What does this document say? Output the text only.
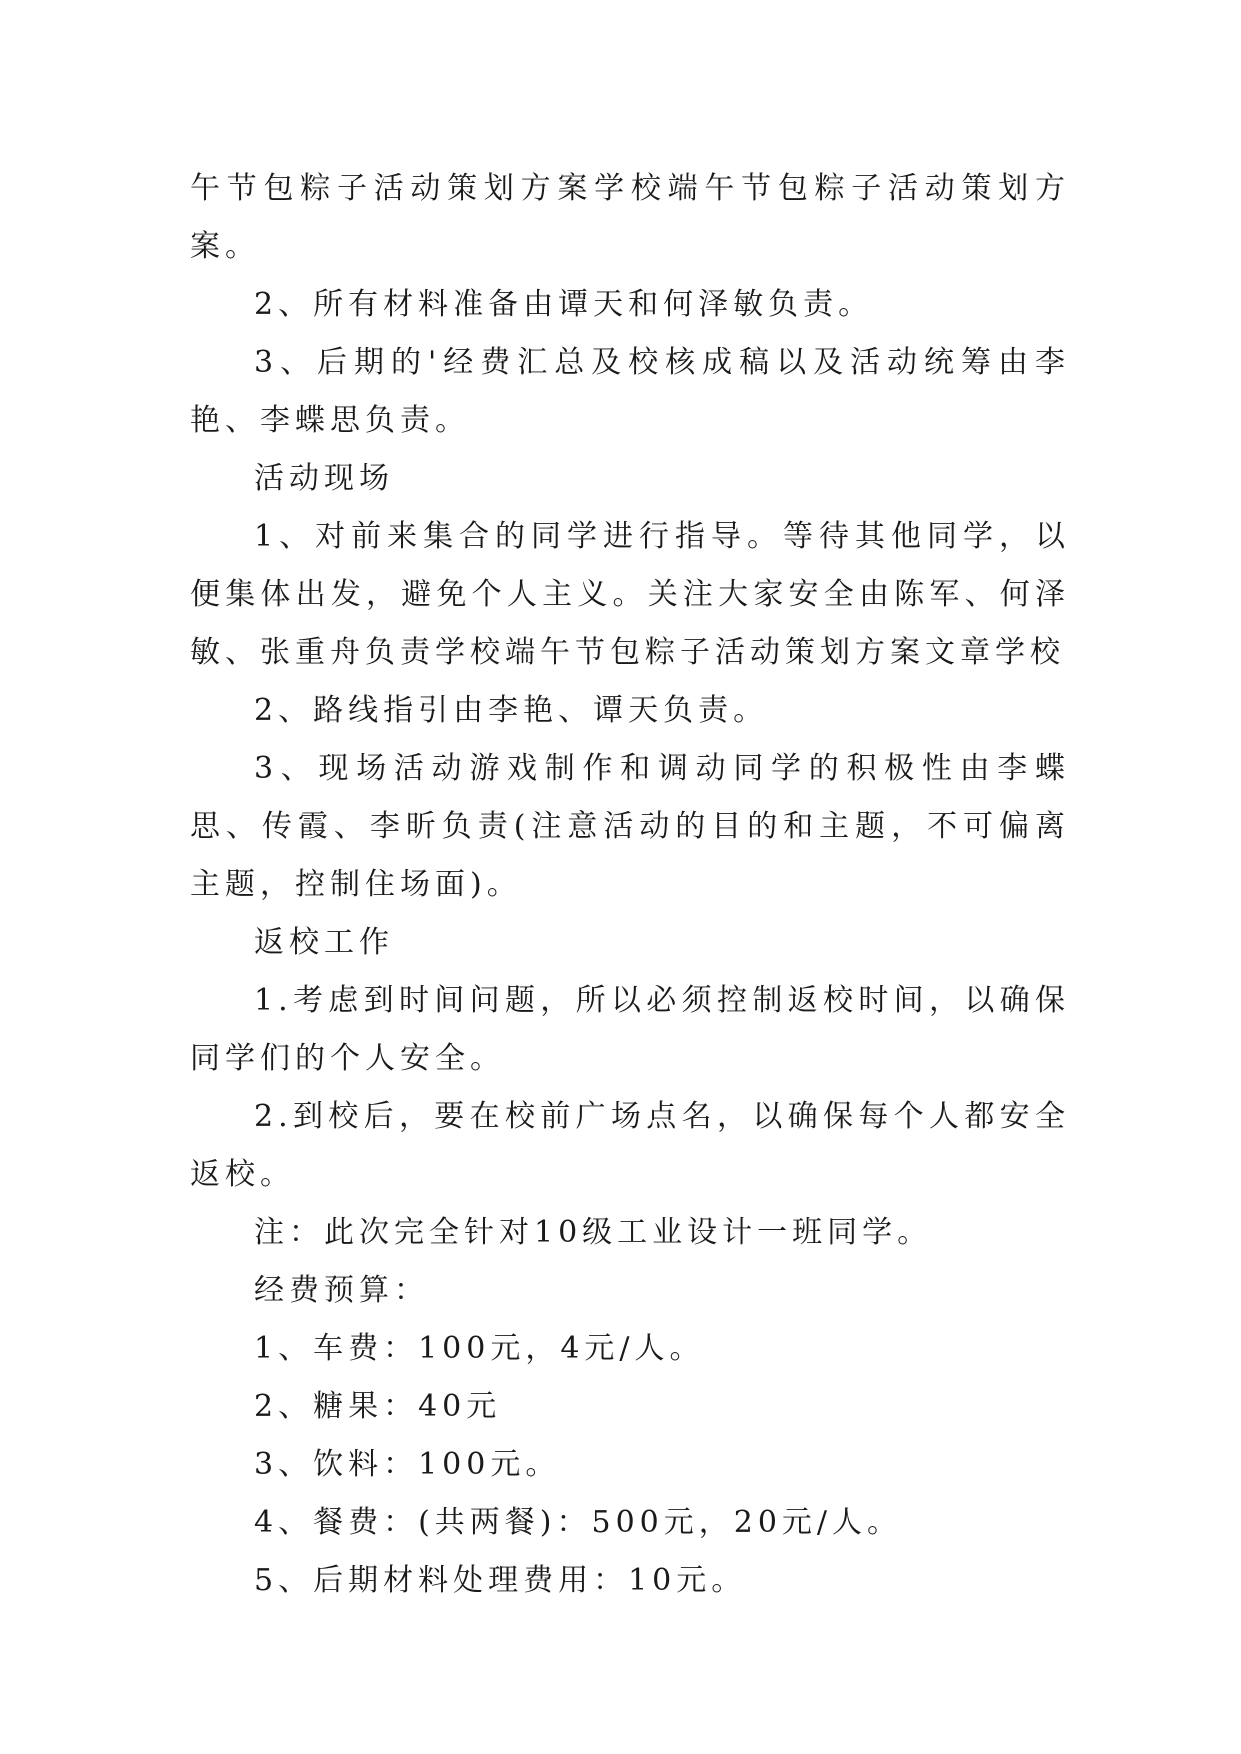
午节包粽子活动策划方案学校端午节包粽子活动策划方案。

2、所有材料准备由谭天和何泽敏负责。

3、后期的'经费汇总及校核成稿以及活动统筹由李艳、李蝶思负责。

活动现场

1、对前来集合的同学进行指导。等待其他同学，以便集体出发，避免个人主义。关注大家安全由陈军、何泽敏、张重舟负责学校端午节包粽子活动策划方案文章学校

2、路线指引由李艳、谭天负责。

3、现场活动游戏制作和调动同学的积极性由李蝶思、传霞、李昕负责(注意活动的目的和主题，不可偏离主题，控制住场面)。

返校工作

1.考虑到时间问题，所以必须控制返校时间，以确保同学们的个人安全。

2.到校后，要在校前广场点名，以确保每个人都安全返校。

注：此次完全针对10级工业设计一班同学。

经费预算：

1、车费：100元，4元/人。

2、糖果：40元

3、饮料：100元。

4、餐费：(共两餐)：500元，20元/人。

5、后期材料处理费用：10元。
